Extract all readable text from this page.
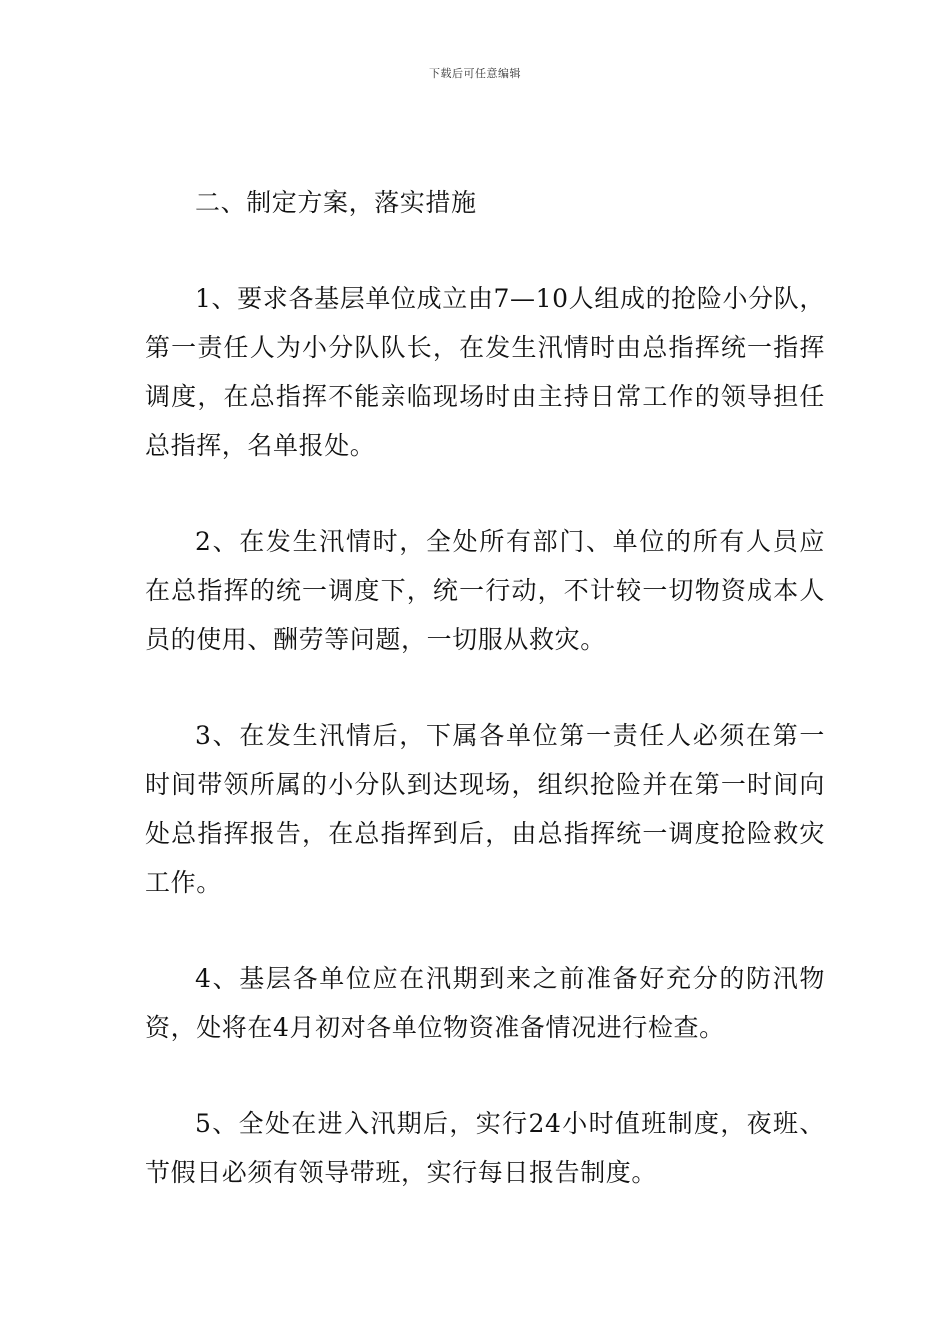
下载后可任意编辑

二、制定方案，落实措施

1、要求各基层单位成立由7—10人组成的抢险小分队，第一责任人为小分队队长，在发生汛情时由总指挥统一指挥调度，在总指挥不能亲临现场时由主持日常工作的领导担任总指挥，名单报处。

2、在发生汛情时，全处所有部门、单位的所有人员应在总指挥的统一调度下，统一行动，不计较一切物资成本人员的使用、酬劳等问题，一切服从救灾。

3、在发生汛情后，下属各单位第一责任人必须在第一时间带领所属的小分队到达现场，组织抢险并在第一时间向处总指挥报告，在总指挥到后，由总指挥统一调度抢险救灾工作。

4、基层各单位应在汛期到来之前准备好充分的防汛物资，处将在4月初对各单位物资准备情况进行检查。

5、全处在进入汛期后，实行24小时值班制度，夜班、节假日必须有领导带班，实行每日报告制度。
